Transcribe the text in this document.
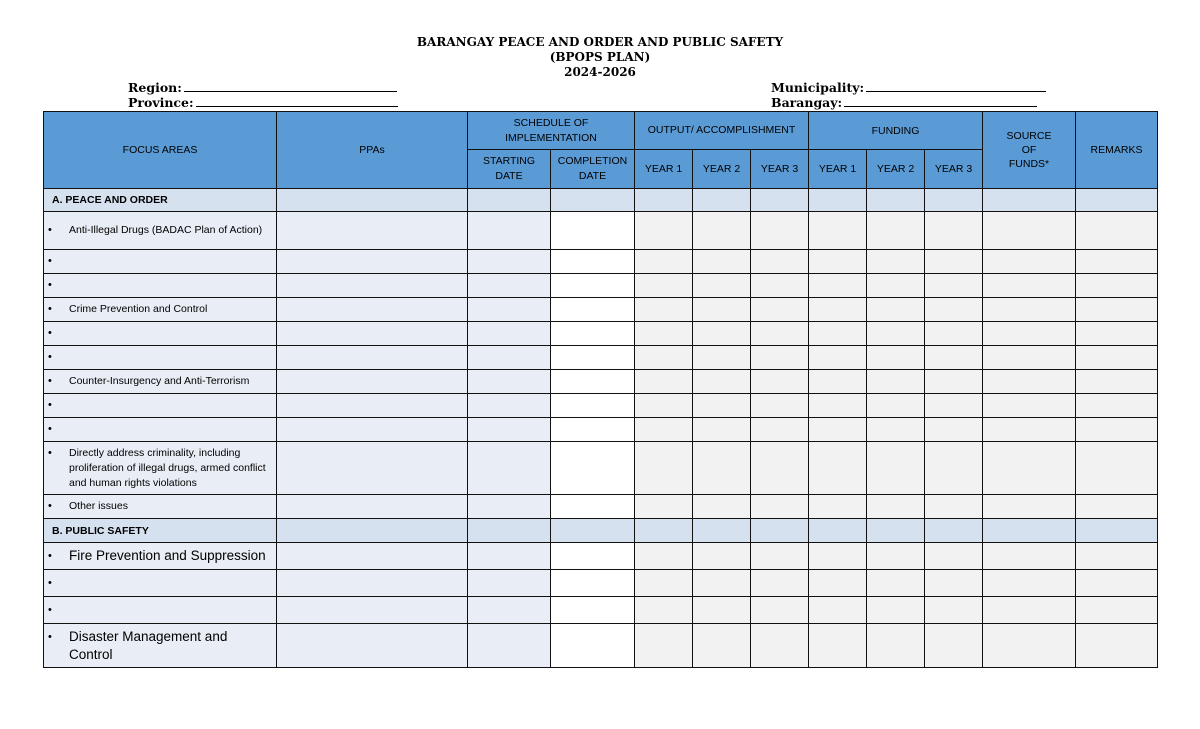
BARANGAY PEACE AND ORDER AND PUBLIC SAFETY
(BPOPS PLAN)
2024-2026
Region:
Province:
Municipality:
Barangay:
FOCUS AREAS	PPAs	SCHEDULE OF IMPLEMENTATION		OUTPUT/ ACCOMPLISHMENT			FUNDING			SOURCE OF FUNDS*	REMARKS
		STARTING DATE	COMPLETION DATE	YEAR 1	YEAR 2	YEAR 3	YEAR 1	YEAR 2	YEAR 3		
A. PEACE AND ORDER											

• Anti-Illegal Drugs (BADAC Plan of Action)											

•											

•											

• Crime Prevention and Control											

•											

•											

• Counter-Insurgency and Anti-Terrorism											

•											

•											

• Directly address criminality, including proliferation of illegal drugs, armed conflict and human rights violations											

• Other issues											

B. PUBLIC SAFETY											

• Fire Prevention and Suppression											

•											

•											

• Disaster Management and Control											
